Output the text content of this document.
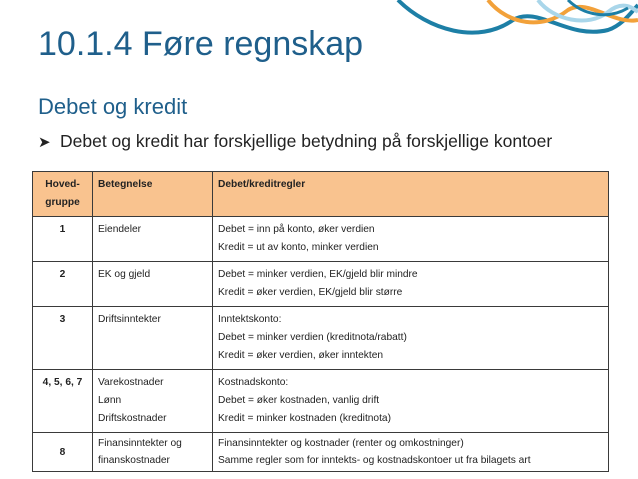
10.1.4 Føre regnskap
Debet og kredit
➤ Debet og kredit har forskjellige betydning på forskjellige kontoer
Hoved-
gruppe	Betegnelse	Debet/kreditregler
1	Eiendeler	Debet = inn på konto, øker verdien
Kredit = ut av konto, minker verdien

2	EK og gjeld	Debet = minker verdien, EK/gjeld blir mindre
Kredit = øker verdien, EK/gjeld blir større

3	Driftsinntekter	Inntektskonto:
Debet = minker verdien (kreditnota/rabatt)
Kredit = øker verdien, øker inntekten

4, 5, 6, 7	Varekostnader
Lønn
Driftskostnader	Kostnadskonto:
Debet = øker kostnaden, vanlig drift
Kredit = minker kostnaden (kreditnota)

8	Finansinntekter og
finanskostnader	Finansinntekter og kostnader (renter og omkostninger)
Samme regler som for inntekts- og kostnadskontoer ut fra bilagets art
